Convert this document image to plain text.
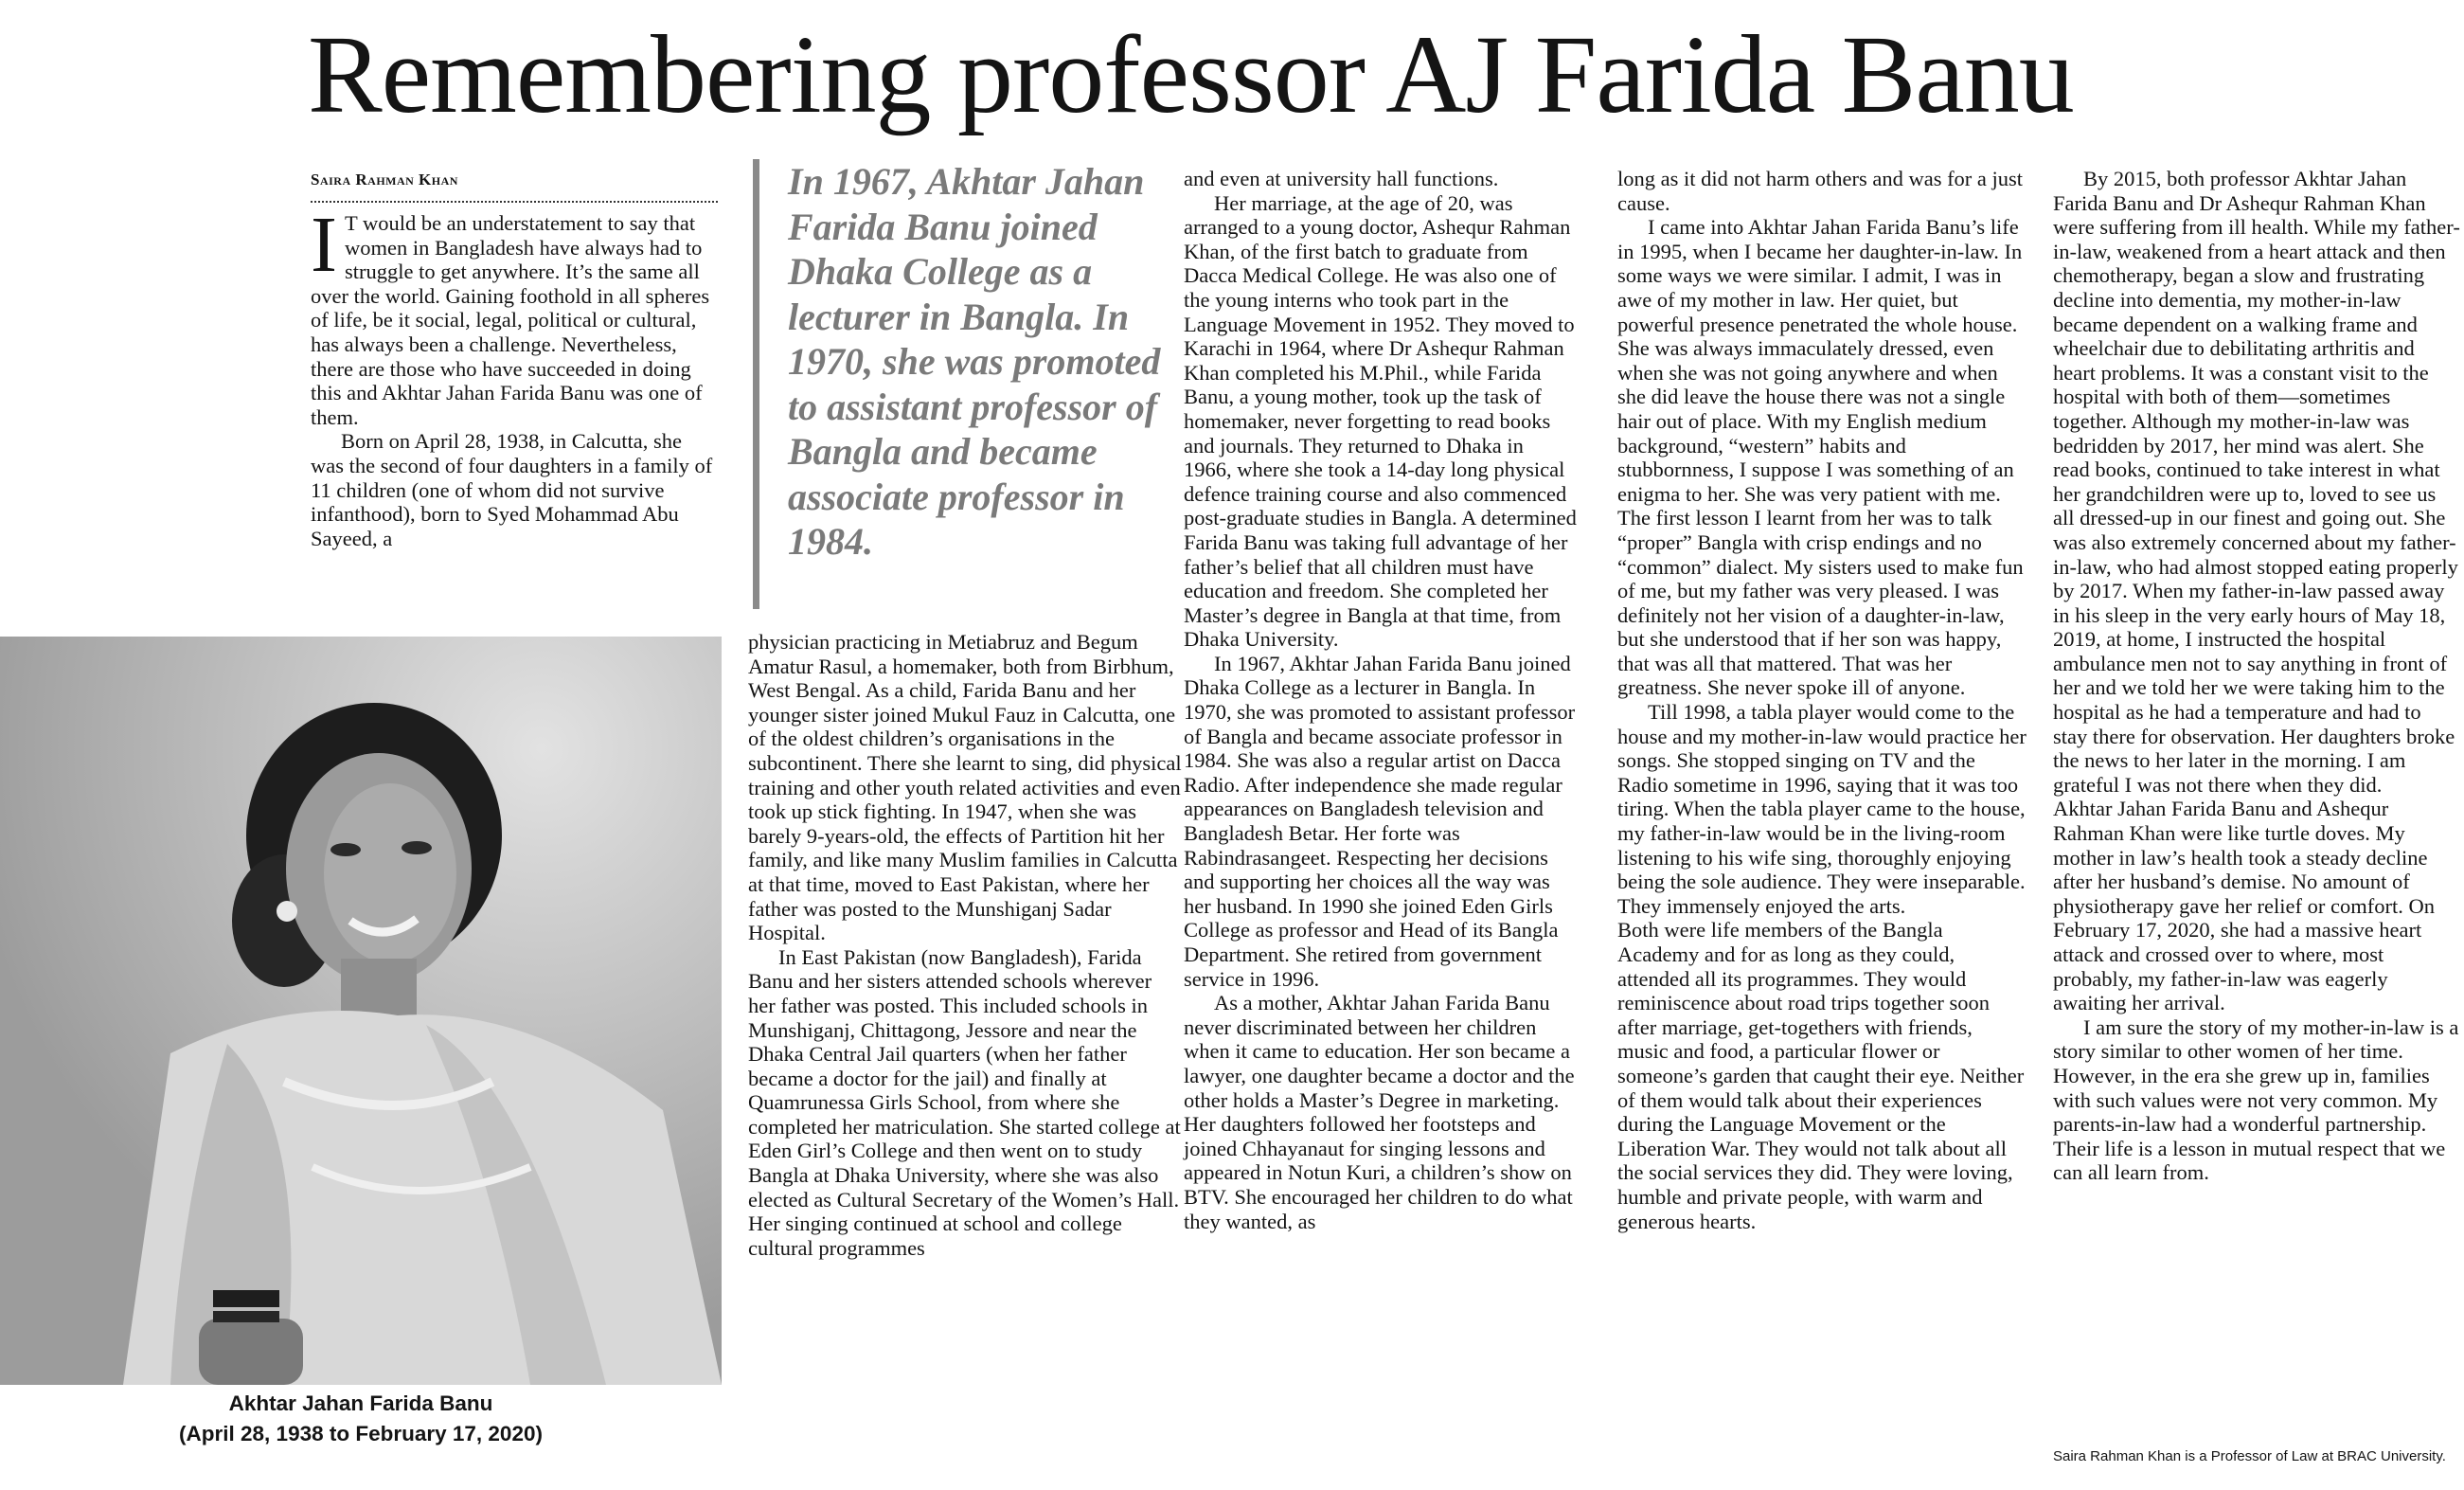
Remembering professor AJ Farida Banu
Saira Rahman Khan

I T would be an understatement to say that women in Bangladesh have always had to struggle to get anywhere. It’s the same all over the world. Gaining foothold in all spheres of life, be it social, legal, political or cultural, has always been a challenge. Nevertheless, there are those who have succeeded in doing this and Akhtar Jahan Farida Banu was one of them.

Born on April 28, 1938, in Calcutta, she was the second of four daughters in a family of 11 children (one of whom did not survive infanthood), born to Syed Mohammad Abu Sayeed, a

In 1967, Akhtar Jahan Farida Banu joined Dhaka College as a lecturer in Bangla. In 1970, she was promoted to assistant professor of Bangla and became associate professor in 1984.
Akhtar Jahan Farida Banu
(April 28, 1938 to February 17, 2020)

physician practicing in Metiabruz and Begum Amatur Rasul, a homemaker, both from Birbhum, West Bengal. As a child, Farida Banu and her younger sister joined Mukul Fauz in Calcutta, one of the oldest children’s organisations in the subcontinent. There she learnt to sing, did physical training and other youth related activities and even took up stick fighting. In 1947, when she was barely 9-years-old, the effects of Partition hit her family, and like many Muslim families in Calcutta at that time, moved to East Pakistan, where her father was posted to the Munshiganj Sadar Hospital.

In East Pakistan (now Bangladesh), Farida Banu and her sisters attended schools wherever her father was posted. This included schools in Munshiganj, Chittagong, Jessore and near the Dhaka Central Jail quarters (when her father became a doctor for the jail) and finally at Quamrunessa Girls School, from where she completed her matriculation. She started college at Eden Girl’s College and then went on to study Bangla at Dhaka University, where she was also elected as Cultural Secretary of the Women’s Hall. Her singing continued at school and college cultural programmes

and even at university hall functions.

Her marriage, at the age of 20, was arranged to a young doctor, Ashequr Rahman Khan, of the first batch to graduate from Dacca Medical College. He was also one of the young interns who took part in the Language Movement in 1952. They moved to Karachi in 1964, where Dr Ashequr Rahman Khan completed his M.Phil., while Farida Banu, a young mother, took up the task of homemaker, never forgetting to read books and journals. They returned to Dhaka in 1966, where she took a 14-day long physical defence training course and also commenced post-graduate studies in Bangla. A determined Farida Banu was taking full advantage of her father’s belief that all children must have education and freedom. She completed her Master’s degree in Bangla at that time, from Dhaka University.

In 1967, Akhtar Jahan Farida Banu joined Dhaka College as a lecturer in Bangla. In 1970, she was promoted to assistant professor of Bangla and became associate professor in 1984. She was also a regular artist on Dacca Radio. After independence she made regular appearances on Bangladesh television and Bangladesh Betar. Her forte was Rabindrasangeet. Respecting her decisions and supporting her choices all the way was her husband. In 1990 she joined Eden Girls College as professor and Head of its Bangla Department. She retired from government service in 1996.

As a mother, Akhtar Jahan Farida Banu never discriminated between her children when it came to education. Her son became a lawyer, one daughter became a doctor and the other holds a Master’s Degree in marketing. Her daughters followed her footsteps and joined Chhayanaut for singing lessons and appeared in Notun Kuri, a children’s show on BTV. She encouraged her children to do what they wanted, as

long as it did not harm others and was for a just cause.

I came into Akhtar Jahan Farida Banu’s life in 1995, when I became her daughter-in-law. In some ways we were similar. I admit, I was in awe of my mother in law. Her quiet, but powerful presence penetrated the whole house. She was always immaculately dressed, even when she was not going anywhere and when she did leave the house there was not a single hair out of place. With my English medium background, “western” habits and stubbornness, I suppose I was something of an enigma to her. She was very patient with me. The first lesson I learnt from her was to talk “proper” Bangla with crisp endings and no “common” dialect. My sisters used to make fun of me, but my father was very pleased. I was definitely not her vision of a daughter-in-law, but she understood that if her son was happy, that was all that mattered. That was her greatness. She never spoke ill of anyone.

Till 1998, a tabla player would come to the house and my mother-in-law would practice her songs. She stopped singing on TV and the Radio sometime in 1996, saying that it was too tiring. When the tabla player came to the house, my father-in-law would be in the living-room listening to his wife sing, thoroughly enjoying being the sole audience. They were inseparable. They immensely enjoyed the arts.

Both were life members of the Bangla Academy and for as long as they could, attended all its programmes. They would reminiscence about road trips together soon after marriage, get-togethers with friends, music and food, a particular flower or someone’s garden that caught their eye. Neither of them would talk about their experiences during the Language Movement or the Liberation War. They would not talk about all the social services they did. They were loving, humble and private people, with warm and generous hearts.

By 2015, both professor Akhtar Jahan Farida Banu and Dr Ashequr Rahman Khan were suffering from ill health. While my father-in-law, weakened from a heart attack and then chemotherapy, began a slow and frustrating decline into dementia, my mother-in-law became dependent on a walking frame and wheelchair due to debilitating arthritis and heart problems. It was a constant visit to the hospital with both of them—sometimes together. Although my mother-in-law was bedridden by 2017, her mind was alert. She read books, continued to take interest in what her grandchildren were up to, loved to see us all dressed-up in our finest and going out. She was also extremely concerned about my father-in-law, who had almost stopped eating properly by 2017. When my father-in-law passed away in his sleep in the very early hours of May 18, 2019, at home, I instructed the hospital ambulance men not to say anything in front of her and we told her we were taking him to the hospital as he had a temperature and had to stay there for observation. Her daughters broke the news to her later in the morning. I am grateful I was not there when they did.

Akhtar Jahan Farida Banu and Ashequr Rahman Khan were like turtle doves. My mother in law’s health took a steady decline after her husband’s demise. No amount of physiotherapy gave her relief or comfort. On February 17, 2020, she had a massive heart attack and crossed over to where, most probably, my father-in-law was eagerly awaiting her arrival.

I am sure the story of my mother-in-law is a story similar to other women of her time. However, in the era she grew up in, families with such values were not very common. My parents-in-law had a wonderful partnership. Their life is a lesson in mutual respect that we can all learn from.

Saira Rahman Khan is a Professor of Law at BRAC University.
